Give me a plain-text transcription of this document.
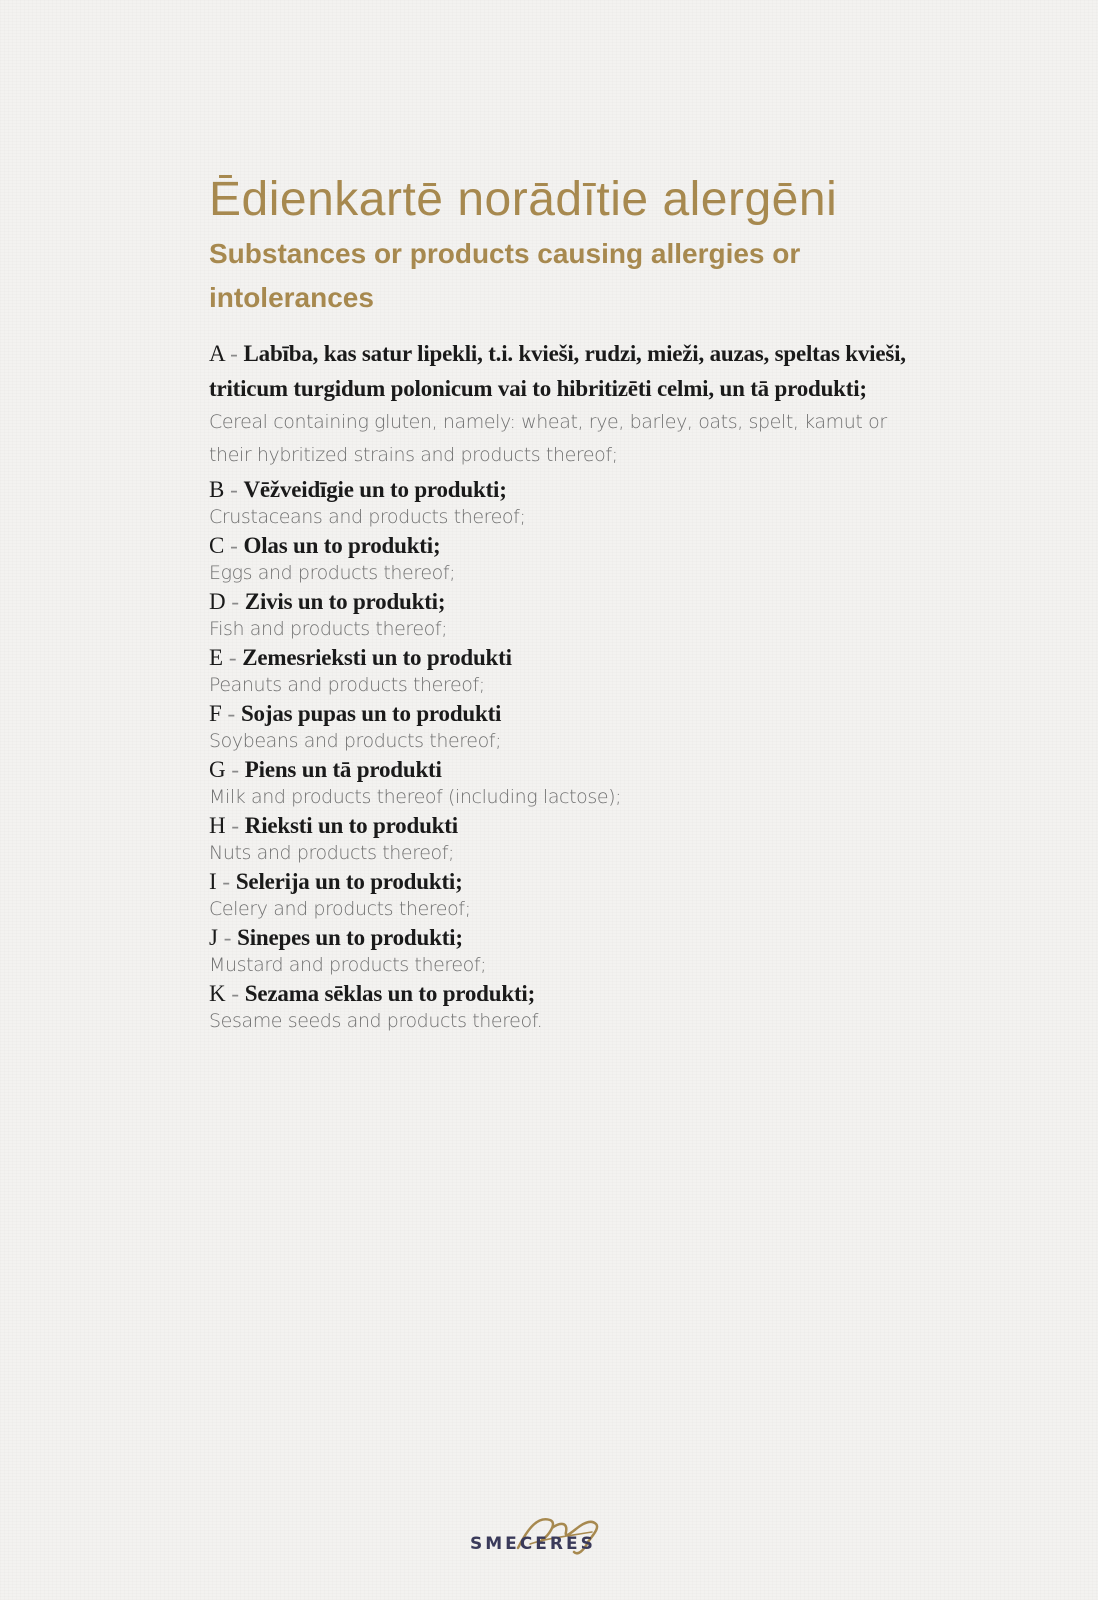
Ēdienkartē norādītie alergēni
Substances or products causing allergies or intolerances

A - Labība, kas satur lipekli, t.i. kvieši, rudzi, mieži, auzas, speltas kvieši, triticum turgidum polonicum vai to hibritizēti celmi, un tā produkti;

Cereal containing gluten, namely: wheat, rye, barley, oats, spelt, kamut or their hybritized strains and products thereof;

B - Vēžveidīgie un to produkti;

Crustaceans and products thereof;

C - Olas un to produkti;

Eggs and products thereof;

D - Zivis un to produkti;

Fish and products thereof;

E - Zemesrieksti un to produkti

Peanuts and products thereof;

F - Sojas pupas un to produkti

Soybeans and products thereof;

G - Piens un tā produkti

Milk and products thereof (including lactose);

H - Rieksti un to produkti

Nuts and products thereof;

I - Selerija un to produkti;

Celery and products thereof;

J - Sinepes un to produkti;

Mustard and products thereof;

K - Sezama sēklas un to produkti;

Sesame seeds and products thereof.

SMECERES
